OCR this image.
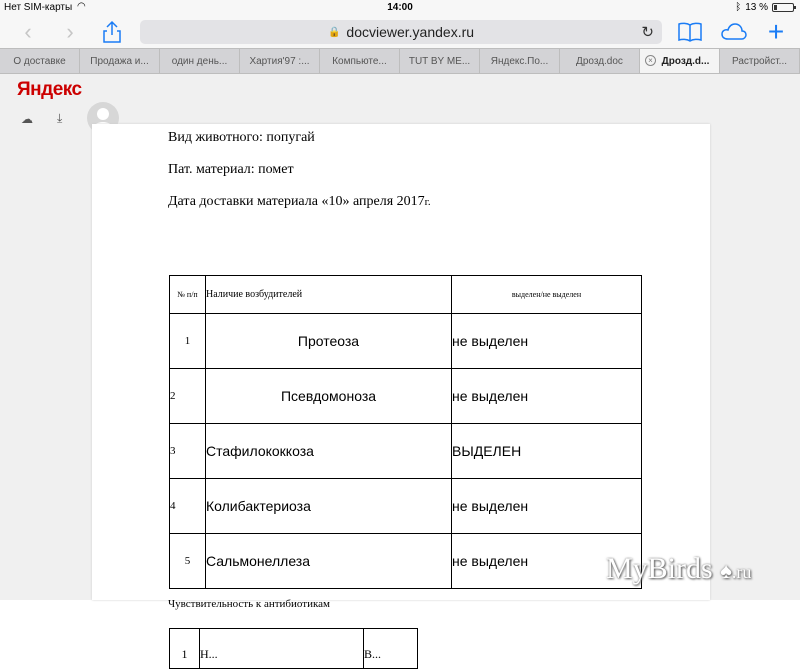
Нет SIM-карты ◠	14:00	ᛒ 13 %
‹	›	🔒 docviewer.yandex.ru	↻	+
О доставке	Продажа и...	один день...	Хартия'97 :...	Компьюте...	TUT BY ME...	Яндекс.По...	Дрозд.doc	× Дрозд.d...	Растройст...
Яндекс
☁ ⤓
Вид животного: попугай
Пат. материал: помет
Дата доставки материала «10» апреля 2017г.
№ п/п	Наличие возбудителей	выделен/не выделен
1	Протеоза	не выделен
2	Псевдомоноза	не выделен
3	Стафилококкоза	ВЫДЕЛЕН
4	Колибактериоза	не выделен
5	Сальмонеллеза	не выделен
Чувствительность к антибиотикам
1	Н...	В...
MyBirds ♠.ru
